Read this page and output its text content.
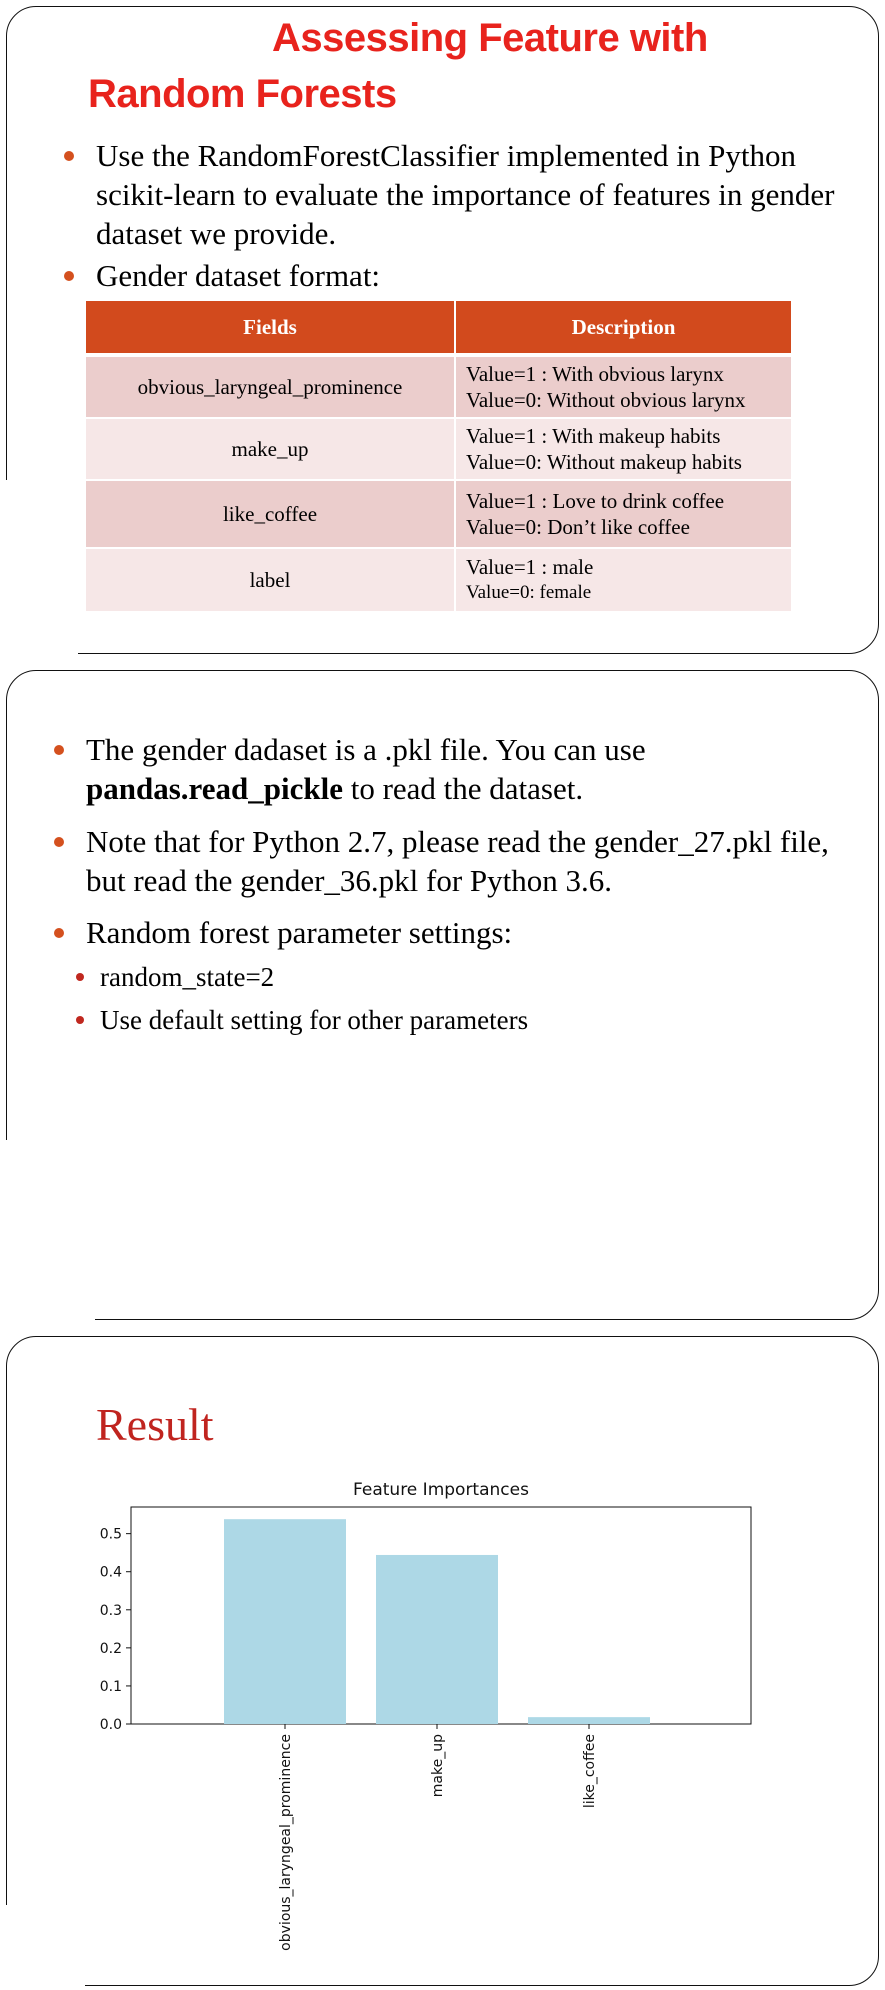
Assessing Feature with
Random Forests
Use the RandomForestClassifier implemented in Python scikit-learn to evaluate the importance of features in gender dataset we provide.
Gender dataset format:
Fields	Description
obvious_laryngeal_prominence	Value=1 : With obvious larynx
Value=0: Without obvious larynx

make_up	Value=1 : With makeup habits
Value=0: Without makeup habits

like_coffee	Value=1 : Love to drink coffee
Value=0: Don’t like coffee

label	Value=1 : male
Value=0: female
The gender dadaset is a .pkl file. You can use
pandas.read_pickle to read the dataset.
Note that for Python 2.7, please read the gender_27.pkl file, but read the gender_36.pkl for Python 3.6.
Random forest parameter settings:
random_state=2
Use default setting for other parameters
Result
Feature Importances
0.0
0.1
0.2
0.3
0.4
0.5
obvious_laryngeal_prominence	make_up	like_coffee
